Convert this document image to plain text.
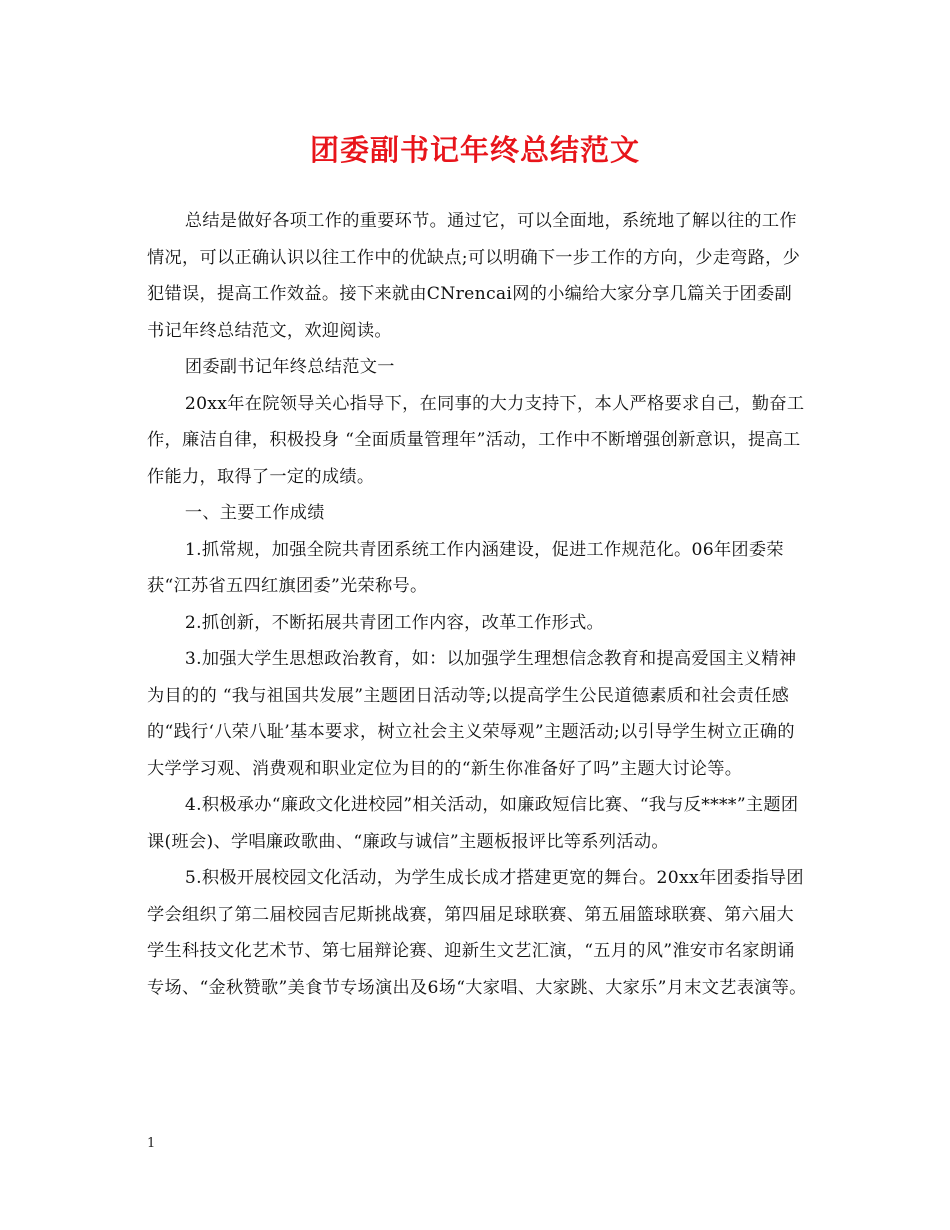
团委副书记年终总结范文

总结是做好各项工作的重要环节。通过它，可以全面地，系统地了解以往的工作情况，可以正确认识以往工作中的优缺点;可以明确下一步工作的方向，少走弯路，少犯错误，提高工作效益。接下来就由CNrencai网的小编给大家分享几篇关于团委副书记年终总结范文，欢迎阅读。

团委副书记年终总结范文一

20xx年在院领导关心指导下，在同事的大力支持下，本人严格要求自己，勤奋工作，廉洁自律，积极投身 “全面质量管理年”活动，工作中不断增强创新意识，提高工作能力，取得了一定的成绩。

一、主要工作成绩

1.抓常规，加强全院共青团系统工作内涵建设，促进工作规范化。06年团委荣获“江苏省五四红旗团委”光荣称号。

2.抓创新，不断拓展共青团工作内容，改革工作形式。

3.加强大学生思想政治教育，如：以加强学生理想信念教育和提高爱国主义精神为目的的 “我与祖国共发展”主题团日活动等;以提高学生公民道德素质和社会责任感的“践行‘八荣八耻’基本要求，树立社会主义荣辱观”主题活动;以引导学生树立正确的大学学习观、消费观和职业定位为目的的“新生你准备好了吗”主题大讨论等。

4.积极承办“廉政文化进校园”相关活动，如廉政短信比赛、“我与反****”主题团课(班会)、学唱廉政歌曲、“廉政与诚信”主题板报评比等系列活动。

5.积极开展校园文化活动，为学生成长成才搭建更宽的舞台。20xx年团委指导团学会组织了第二届校园吉尼斯挑战赛，第四届足球联赛、第五届篮球联赛、第六届大学生科技文化艺术节、第七届辩论赛、迎新生文艺汇演，“五月的风”淮安市名家朗诵专场、“金秋赞歌”美食节专场演出及6场“大家唱、大家跳、大家乐”月末文艺表演等。

1
